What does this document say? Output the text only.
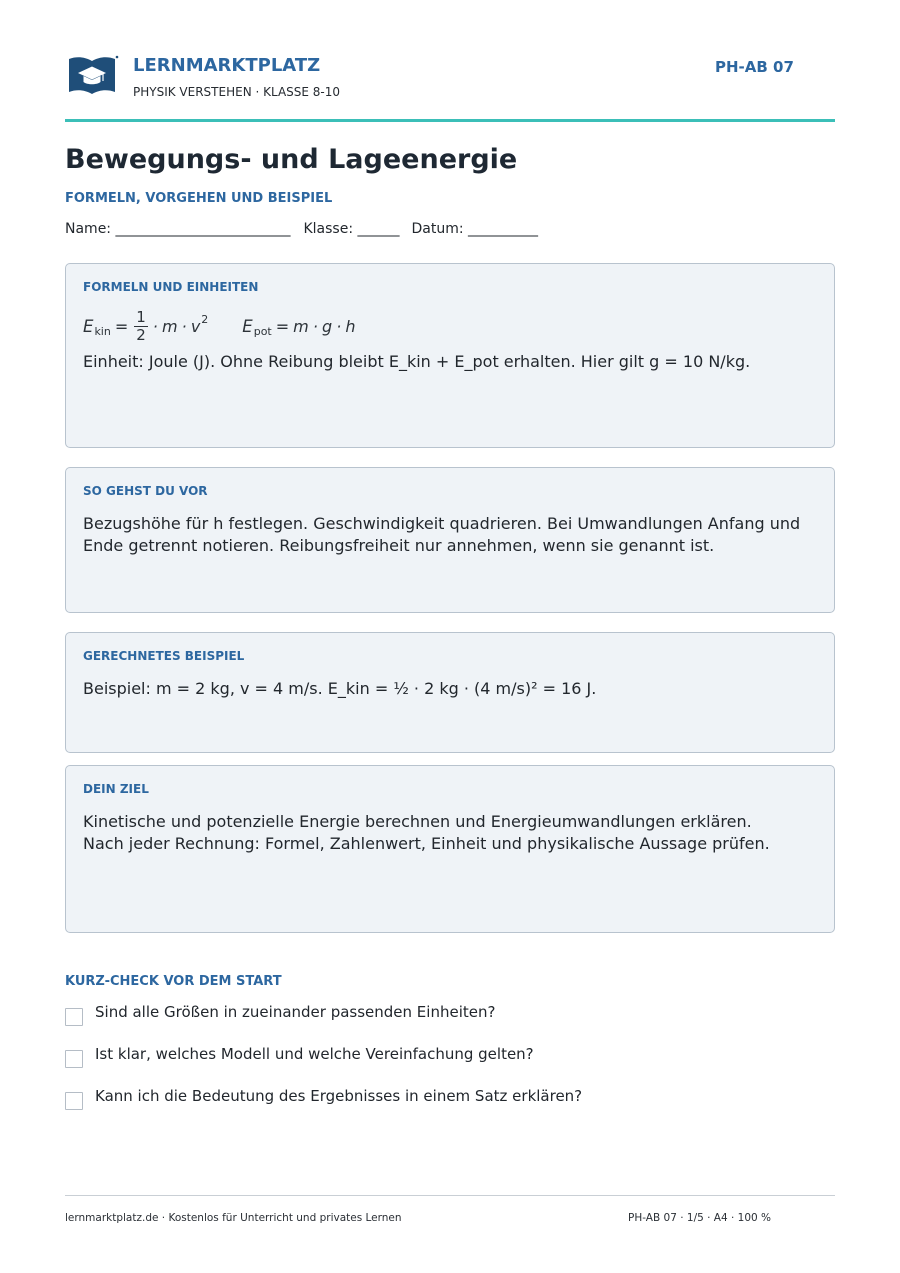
LERNMARKTPLATZ
PHYSIK VERSTEHEN · KLASSE 8-10
PH-AB 07
Bewegungs- und Lageenergie
FORMELN, VORGEHEN UND BEISPIEL
Name: _________________________ Klasse: ______ Datum: __________
FORMELN UND EINHEITEN
E kin = $\frac{1}{2} \cdot m \cdot v$ 2 E pot = m · g · h
Einheit: Joule (J). Ohne Reibung bleibt E_kin + E_pot erhalten. Hier gilt g = 10 N/kg.
SO GEHST DU VOR
Bezugshöhe für h festlegen. Geschwindigkeit quadrieren. Bei Umwandlungen Anfang und Ende getrennt notieren. Reibungsfreiheit nur annehmen, wenn sie genannt ist.
GERECHNETES BEISPIEL
Beispiel: m = 2 kg, v = 4 m/s. E_kin = ½ · 2 kg · (4 m/s)² = 16 J.
DEIN ZIEL
Kinetische und potenzielle Energie berechnen und Energieumwandlungen erklären.
Nach jeder Rechnung: Formel, Zahlenwert, Einheit und physikalische Aussage prüfen.
KURZ-CHECK VOR DEM START
Sind alle Größen in zueinander passenden Einheiten?
Ist klar, welches Modell und welche Vereinfachung gelten?
Kann ich die Bedeutung des Ergebnisses in einem Satz erklären?
lernmarktplatz.de · Kostenlos für Unterricht und privates Lernen	PH-AB 07 · 1/5 · A4 · 100 %
